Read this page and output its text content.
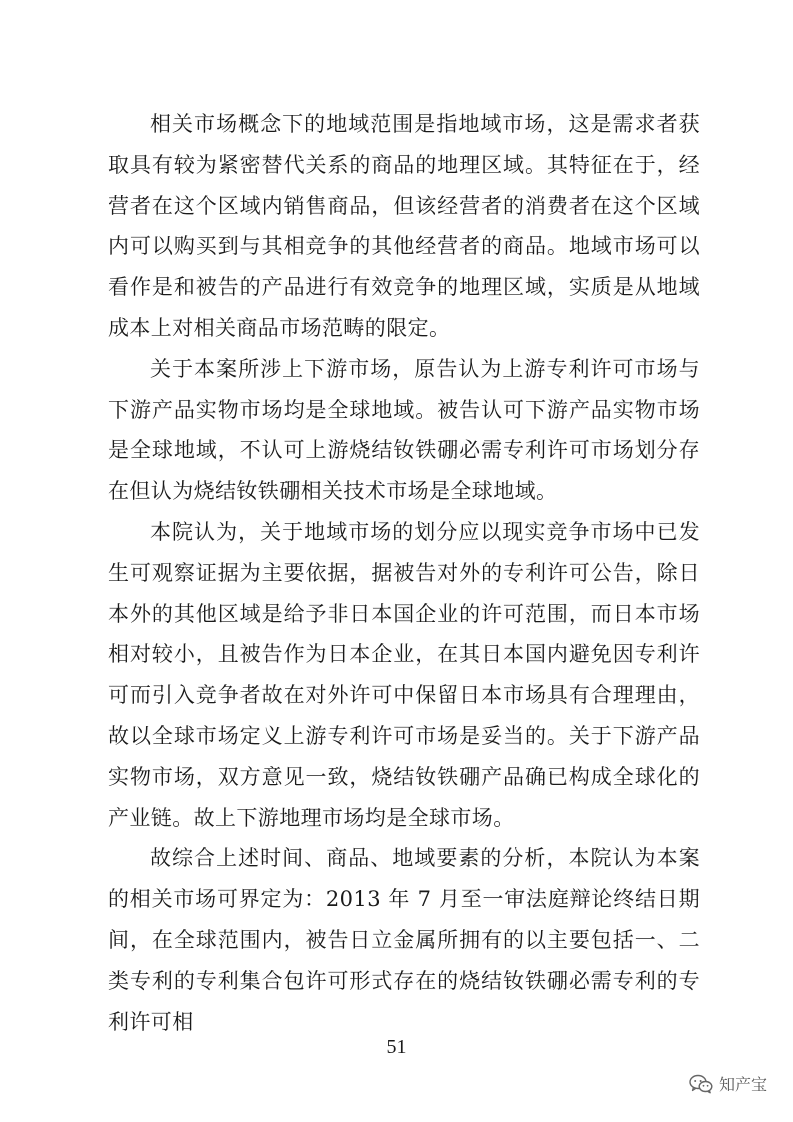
相关市场概念下的地域范围是指地域市场，这是需求者获取具有较为紧密替代关系的商品的地理区域。其特征在于，经营者在这个区域内销售商品，但该经营者的消费者在这个区域内可以购买到与其相竞争的其他经营者的商品。地域市场可以看作是和被告的产品进行有效竞争的地理区域，实质是从地域成本上对相关商品市场范畴的限定。

关于本案所涉上下游市场，原告认为上游专利许可市场与下游产品实物市场均是全球地域。被告认可下游产品实物市场是全球地域，不认可上游烧结钕铁硼必需专利许可市场划分存在但认为烧结钕铁硼相关技术市场是全球地域。

本院认为，关于地域市场的划分应以现实竞争市场中已发生可观察证据为主要依据，据被告对外的专利许可公告，除日本外的其他区域是给予非日本国企业的许可范围，而日本市场相对较小，且被告作为日本企业，在其日本国内避免因专利许可而引入竞争者故在对外许可中保留日本市场具有合理理由，故以全球市场定义上游专利许可市场是妥当的。关于下游产品实物市场，双方意见一致，烧结钕铁硼产品确已构成全球化的产业链。故上下游地理市场均是全球市场。

故综合上述时间、商品、地域要素的分析，本院认为本案的相关市场可界定为：2013 年 7 月至一审法庭辩论终结日期间，在全球范围内，被告日立金属所拥有的以主要包括一、二类专利的专利集合包许可形式存在的烧结钕铁硼必需专利的专利许可相

51
知产宝
